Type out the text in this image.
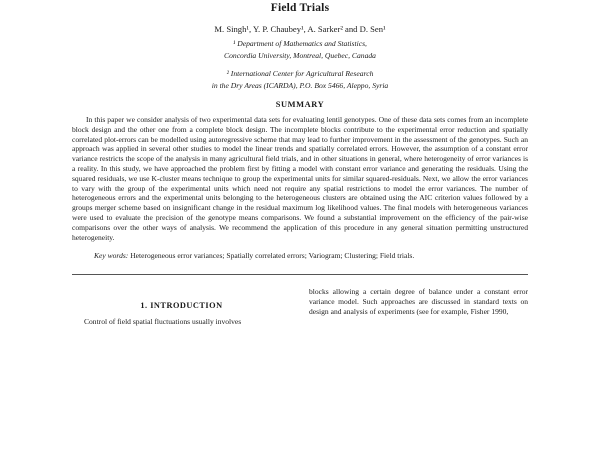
Field Trials
M. Singh¹, Y. P. Chaubey¹, A. Sarker² and D. Sen¹
¹ Department of Mathematics and Statistics,
Concordia University, Montreal, Quebec, Canada
² International Center for Agricultural Research
in the Dry Areas (ICARDA), P.O. Box 5466, Aleppo, Syria
SUMMARY

In this paper we consider analysis of two experimental data sets for evaluating lentil genotypes. One of these data sets comes from an incomplete block design and the other one from a complete block design. The incomplete blocks contribute to the experimental error reduction and spatially correlated plot-errors can be modelled using autoregressive scheme that may lead to further improvement in the assessment of the genotypes. Such an approach was applied in several other studies to model the linear trends and spatially correlated errors. However, the assumption of a constant error variance restricts the scope of the analysis in many agricultural field trials, and in other situations in general, where heterogeneity of error variances is a reality. In this study, we have approached the problem first by fitting a model with constant error variance and generating the residuals. Using the squared residuals, we use K-cluster means technique to group the experimental units for similar squared-residuals. Next, we allow the error variances to vary with the group of the experimental units which need not require any spatial restrictions to model the error variances. The number of heterogeneous errors and the experimental units belonging to the heterogeneous clusters are obtained using the AIC criterion values followed by a groups merger scheme based on insignificant change in the residual maximum log likelihood values. The final models with heterogeneous variances were used to evaluate the precision of the genotype means comparisons. We found a substantial improvement on the efficiency of the pair-wise comparisons over the other ways of analysis. We recommend the application of this procedure in any general situation permitting unstructured heterogeneity.

Key words: Heterogeneous error variances; Spatially correlated errors; Variogram; Clustering; Field trials.
1. INTRODUCTION

Control of field spatial fluctuations usually involves

blocks allowing a certain degree of balance under a constant error variance model. Such approaches are discussed in standard texts on design and analysis of experiments (see for example, Fisher 1990,
